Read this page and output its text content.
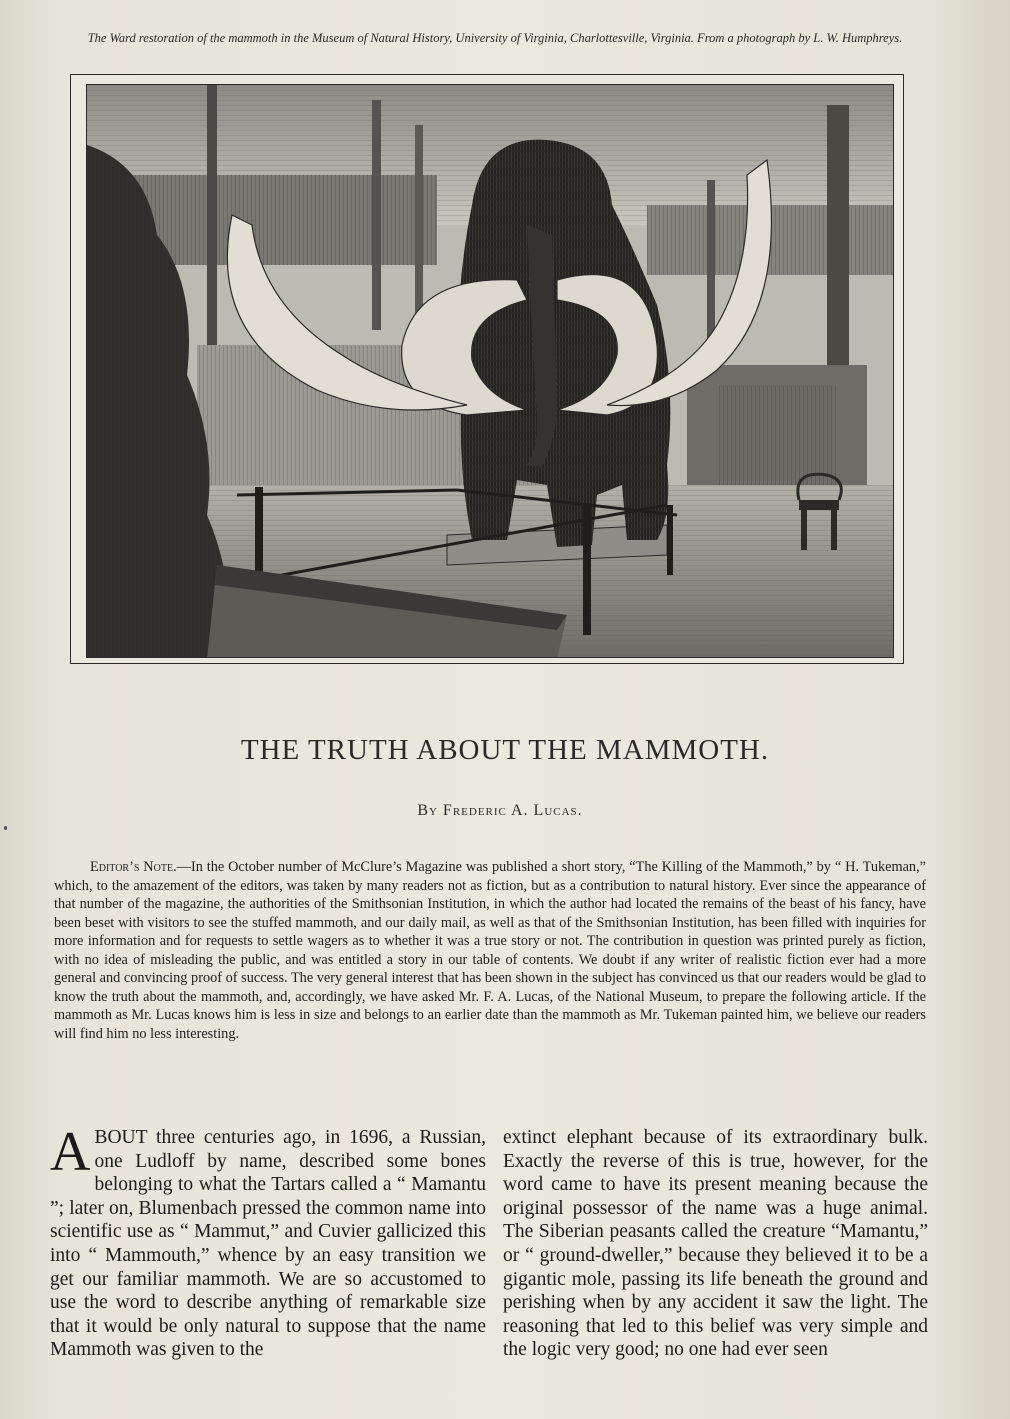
The Ward restoration of the mammoth in the Museum of Natural History, University of Virginia, Charlottesville, Virginia. From a photograph by L. W. Humphreys.
THE TRUTH ABOUT THE MAMMOTH.
By Frederic A. Lucas.
Editor’s Note.—In the October number of McClure’s Magazine was published a short story, “The Killing of the Mammoth,” by “ H. Tukeman,” which, to the amazement of the editors, was taken by many readers not as fiction, but as a contribution to natural history. Ever since the appearance of that number of the magazine, the authorities of the Smithsonian Institution, in which the author had located the remains of the beast of his fancy, have been beset with visitors to see the stuffed mammoth, and our daily mail, as well as that of the Smithsonian Institution, has been filled with inquiries for more information and for requests to settle wagers as to whether it was a true story or not. The contribution in question was printed purely as fiction, with no idea of misleading the public, and was entitled a story in our table of contents. We doubt if any writer of realistic fiction ever had a more general and convincing proof of success. The very general interest that has been shown in the subject has convinced us that our readers would be glad to know the truth about the mammoth, and, accordingly, we have asked Mr. F. A. Lucas, of the National Museum, to prepare the following article. If the mammoth as Mr. Lucas knows him is less in size and belongs to an earlier date than the mammoth as Mr. Tukeman painted him, we believe our readers will find him no less interesting.
ABOUT three centuries ago, in 1696, a Russian, one Ludloff by name, described some bones belonging to what the Tartars called a “ Mamantu ”; later on, Blumenbach pressed the common name into scientific use as “ Mammut,” and Cuvier gallicized this into “ Mammouth,” whence by an easy transition we get our familiar mammoth. We are so accustomed to use the word to describe anything of remarkable size that it would be only natural to suppose that the name Mammoth was given to the
extinct elephant because of its extraordinary bulk. Exactly the reverse of this is true, however, for the word came to have its present meaning because the original possessor of the name was a huge animal. The Siberian peasants called the creature “Mamantu,” or “ ground-dweller,” because they believed it to be a gigantic mole, passing its life beneath the ground and perishing when by any accident it saw the light. The reasoning that led to this belief was very simple and the logic very good; no one had ever seen
